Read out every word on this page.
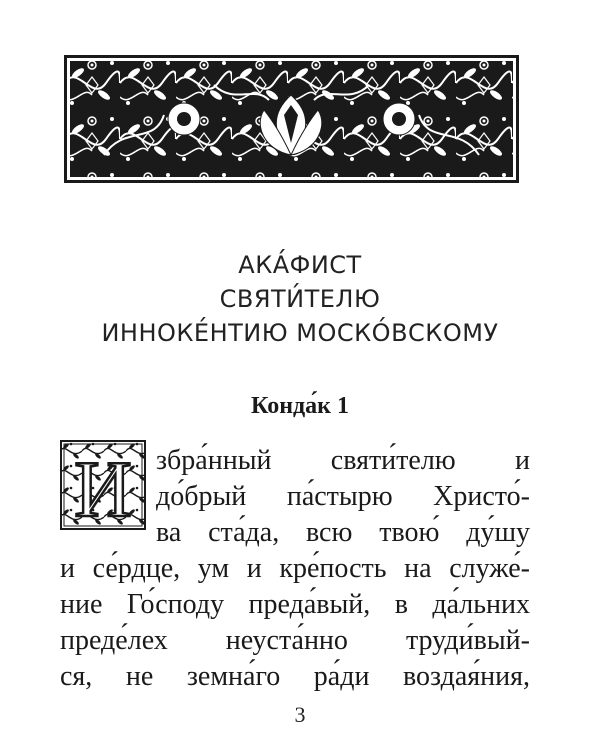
АКА́ФИСТ
СВЯТИ́ТЕЛЮ
ИННОКЕ́НТИЮ МОСКО́ВСКОМУ
Конда́к 1
И збра́нный святи́телю и
до́брый па́стырю Христо́-
ва ста́да, всю твою́ ду́шу
и се́рдце, ум и кре́пость на служе́-
ние Го́споду преда́вый, в да́льних
преде́лех неуста́нно труди́вый-
ся, не земна́го ра́ди воздая́ния,
3
